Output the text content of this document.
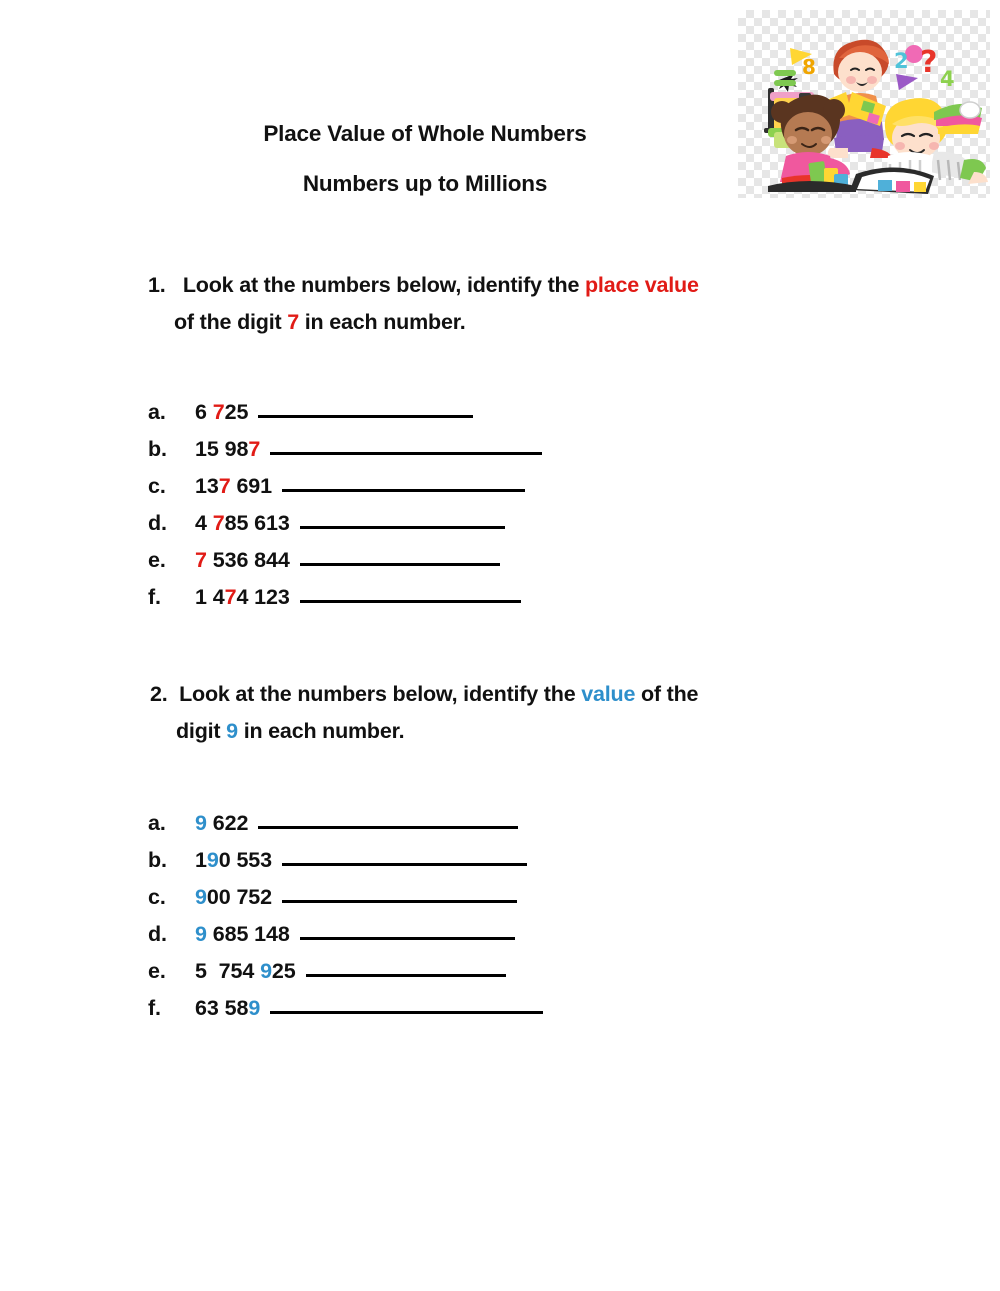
8	2 ? 4
Place Value of Whole Numbers
Numbers up to Millions
1. Look at the numbers below, identify the place value
of the digit 7 in each number.
a.	6 725
b.	15 987
c.	137 691
d.	4 785 613
e.	7 536 844
f.	1 474 123
2. Look at the numbers below, identify the value of the
digit 9 in each number.
a.	9 622
b.	190 553
c.	900 752
d.	9 685 148
e.	5  754 925
f.	63 589
